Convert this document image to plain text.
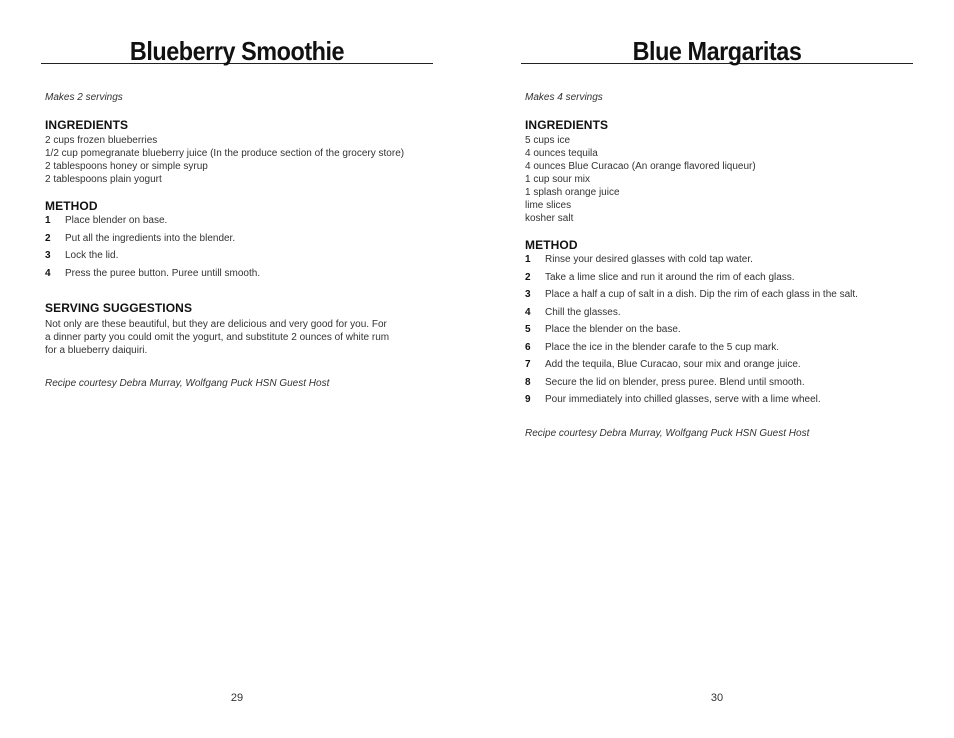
Blueberry Smoothie
Makes 2 servings
INGREDIENTS
2 cups frozen blueberries
1/2 cup pomegranate blueberry juice (In the produce section of the grocery store)
2 tablespoons honey or simple syrup
2 tablespoons plain yogurt
METHOD
1	Place blender on base.
2	Put all the ingredients into the blender.
3	Lock the lid.
4	Press the puree button. Puree untill smooth.
SERVING SUGGESTIONS
Not only are these beautiful, but they are delicious and very good for you. For
a dinner party you could omit the yogurt, and substitute 2 ounces of white rum
for a blueberry daiquiri.
Recipe courtesy Debra Murray, Wolfgang Puck HSN Guest Host
29
Blue Margaritas
Makes 4 servings
INGREDIENTS
5 cups ice
4 ounces tequila
4 ounces Blue Curacao (An orange flavored liqueur)
1 cup sour mix
1 splash orange juice
lime slices
kosher salt
METHOD
1	Rinse your desired glasses with cold tap water.
2	Take a lime slice and run it around the rim of each glass.
3	Place a half a cup of salt in a dish. Dip the rim of each glass in the salt.
4	Chill the glasses.
5	Place the blender on the base.
6	Place the ice in the blender carafe to the 5 cup mark.
7	Add the tequila, Blue Curacao, sour mix and orange juice.
8	Secure the lid on blender, press puree. Blend until smooth.
9	Pour immediately into chilled glasses, serve with a lime wheel.
Recipe courtesy Debra Murray, Wolfgang Puck HSN Guest Host
30
